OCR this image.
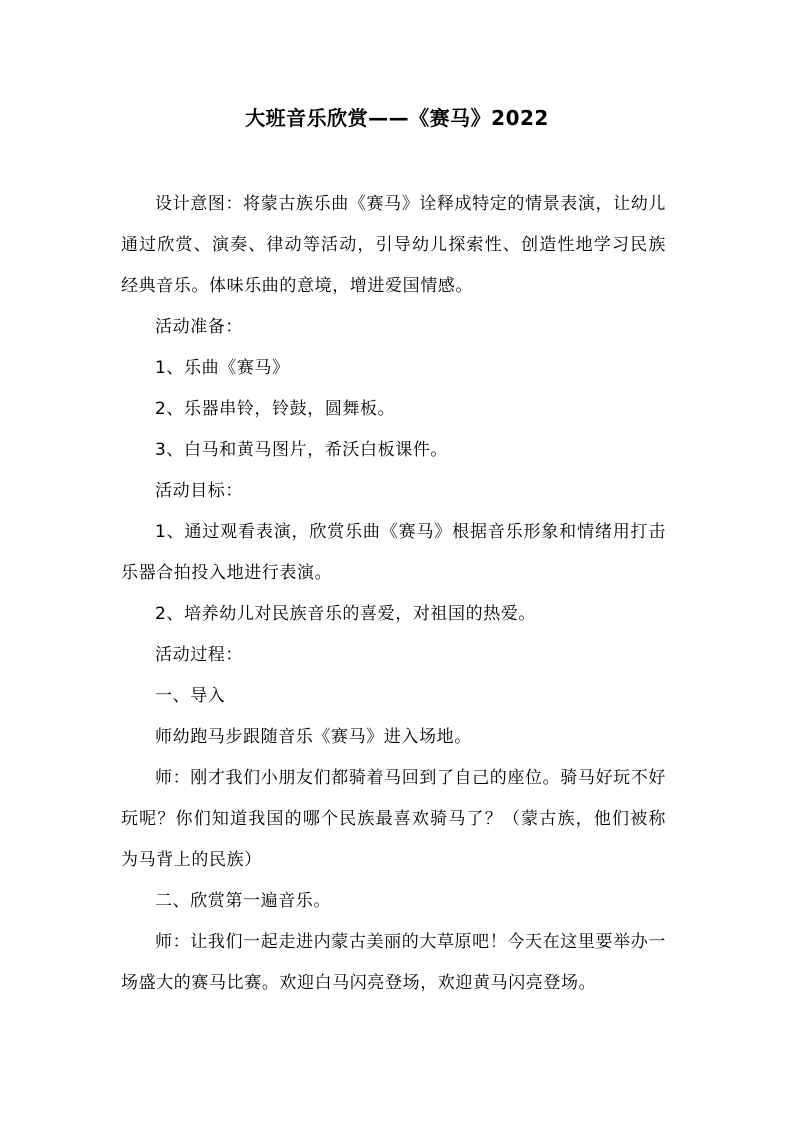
大班音乐欣赏——《赛马》2022

设计意图：将蒙古族乐曲《赛马》诠释成特定的情景表演，让幼儿通过欣赏、演奏、律动等活动，引导幼儿探索性、创造性地学习民族经典音乐。体味乐曲的意境，增进爱国情感。

活动准备：

1、乐曲《赛马》

2、乐器串铃，铃鼓，圆舞板。

3、白马和黄马图片，希沃白板课件。

活动目标：

1、通过观看表演，欣赏乐曲《赛马》根据音乐形象和情绪用打击乐器合拍投入地进行表演。

2、培养幼儿对民族音乐的喜爱，对祖国的热爱。

活动过程：

一、导入

师幼跑马步跟随音乐《赛马》进入场地。

师：刚才我们小朋友们都骑着马回到了自己的座位。骑马好玩不好玩呢？你们知道我国的哪个民族最喜欢骑马了？（蒙古族，他们被称为马背上的民族）

二、欣赏第一遍音乐。

师：让我们一起走进内蒙古美丽的大草原吧！今天在这里要举办一场盛大的赛马比赛。欢迎白马闪亮登场，欢迎黄马闪亮登场。
